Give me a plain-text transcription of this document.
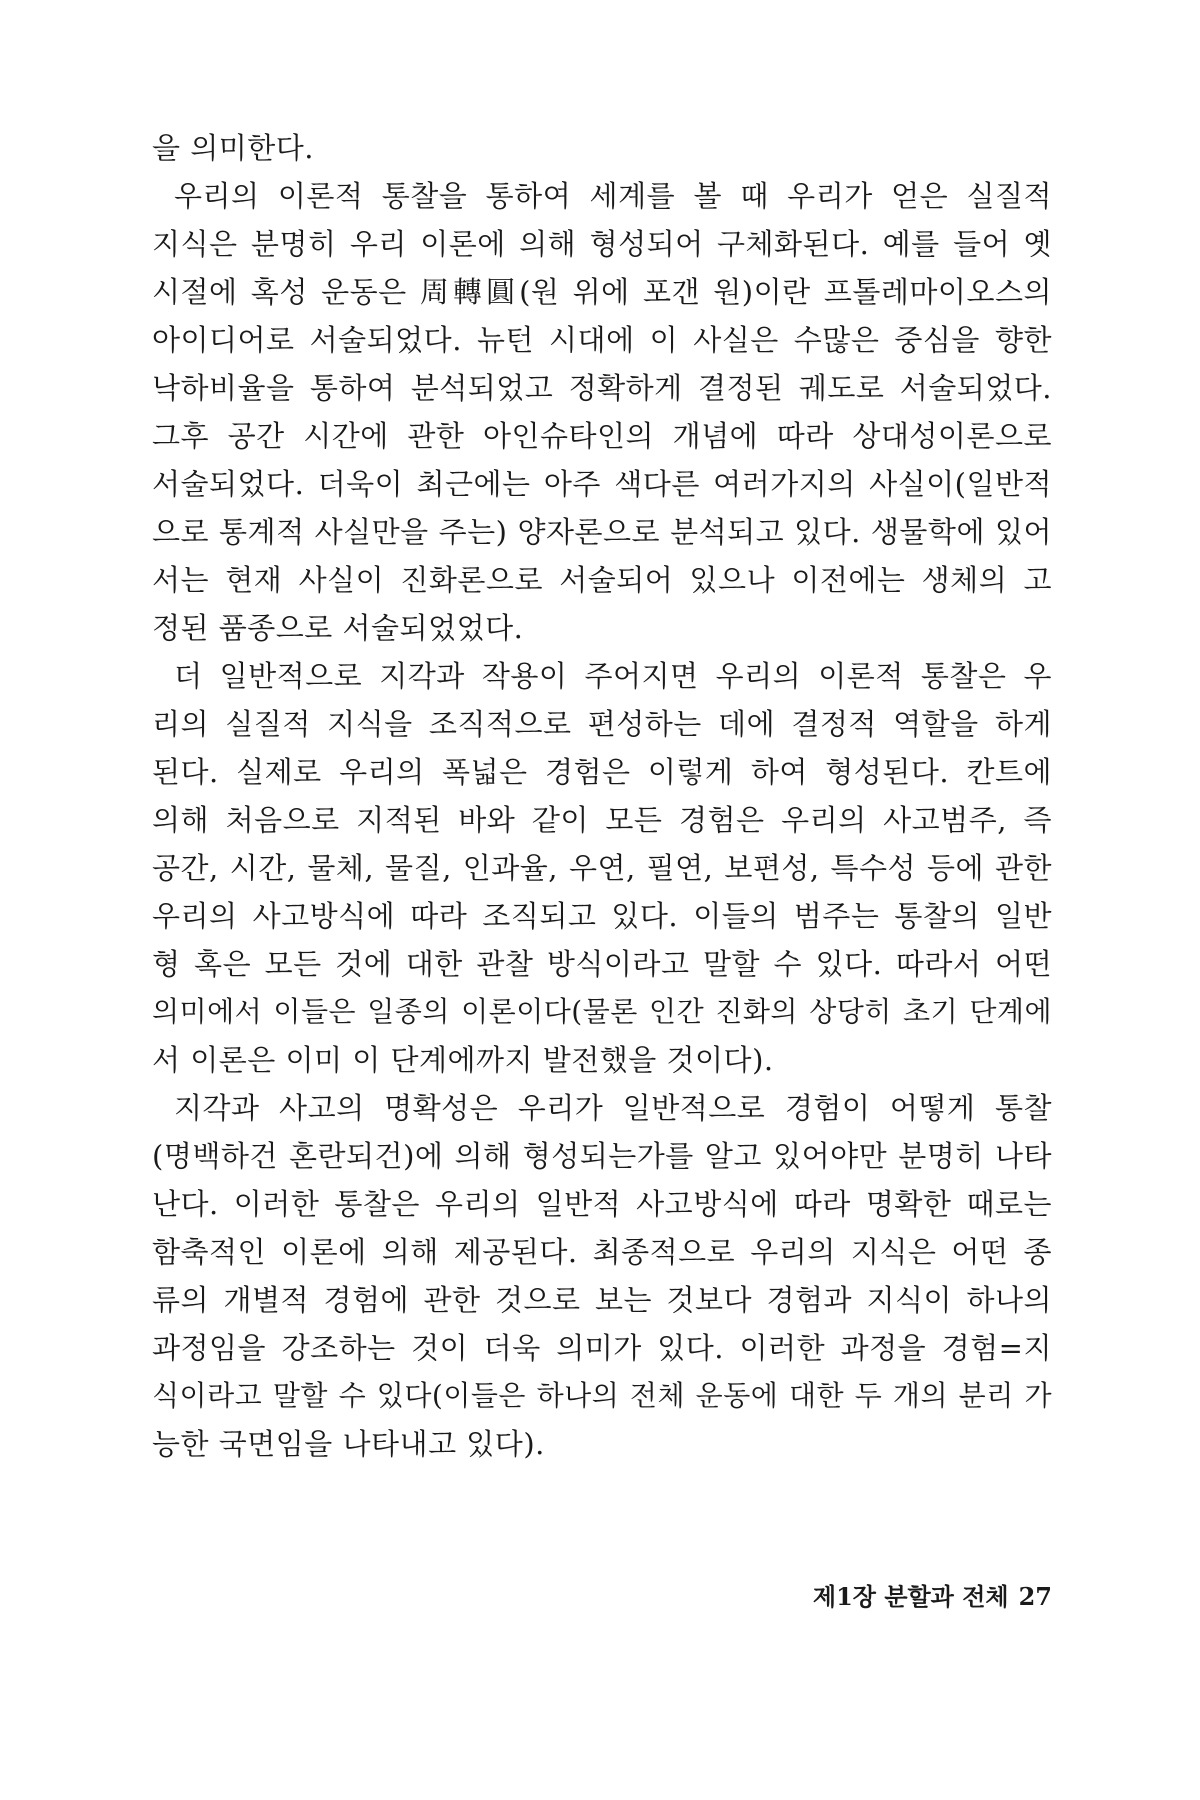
을 의미한다.
우리의 이론적 통찰을 통하여 세계를 볼 때 우리가 얻은 실질적
지식은 분명히 우리 이론에 의해 형성되어 구체화된다. 예를 들어 옛
시절에 혹성 운동은 周轉圓(원 위에 포갠 원)이란 프톨레마이오스의
아이디어로 서술되었다. 뉴턴 시대에 이 사실은 수많은 중심을 향한
낙하비율을 통하여 분석되었고 정확하게 결정된 궤도로 서술되었다.
그후 공간 시간에 관한 아인슈타인의 개념에 따라 상대성이론으로
서술되었다. 더욱이 최근에는 아주 색다른 여러가지의 사실이(일반적
으로 통계적 사실만을 주는) 양자론으로 분석되고 있다. 생물학에 있어
서는 현재 사실이 진화론으로 서술되어 있으나 이전에는 생체의 고
정된 품종으로 서술되었었다.
더 일반적으로 지각과 작용이 주어지면 우리의 이론적 통찰은 우
리의 실질적 지식을 조직적으로 편성하는 데에 결정적 역할을 하게
된다. 실제로 우리의 폭넓은 경험은 이렇게 하여 형성된다. 칸트에
의해 처음으로 지적된 바와 같이 모든 경험은 우리의 사고범주, 즉
공간, 시간, 물체, 물질, 인과율, 우연, 필연, 보편성, 특수성 등에 관한
우리의 사고방식에 따라 조직되고 있다. 이들의 범주는 통찰의 일반
형 혹은 모든 것에 대한 관찰 방식이라고 말할 수 있다. 따라서 어떤
의미에서 이들은 일종의 이론이다(물론 인간 진화의 상당히 초기 단계에
서 이론은 이미 이 단계에까지 발전했을 것이다).
지각과 사고의 명확성은 우리가 일반적으로 경험이 어떻게 통찰
(명백하건 혼란되건)에 의해 형성되는가를 알고 있어야만 분명히 나타
난다. 이러한 통찰은 우리의 일반적 사고방식에 따라 명확한 때로는
함축적인 이론에 의해 제공된다. 최종적으로 우리의 지식은 어떤 종
류의 개별적 경험에 관한 것으로 보는 것보다 경험과 지식이 하나의
과정임을 강조하는 것이 더욱 의미가 있다. 이러한 과정을 경험=지
식이라고 말할 수 있다(이들은 하나의 전체 운동에 대한 두 개의 분리 가
능한 국면임을 나타내고 있다).
제1장 분할과 전체 27
